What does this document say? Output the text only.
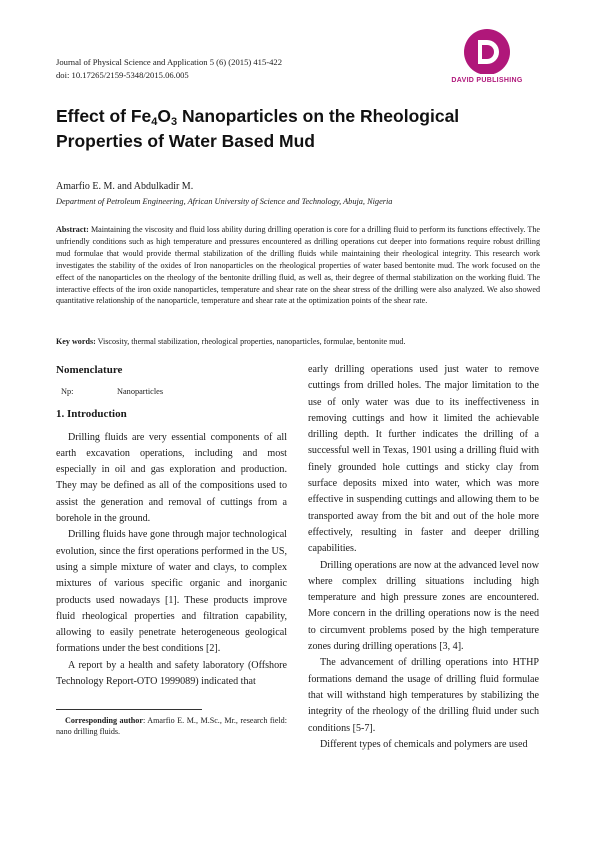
Journal of Physical Science and Application 5 (6) (2015) 415-422
doi: 10.17265/2159-5348/2015.06.005
DAVID PUBLISHING
Effect of $Fe_4O_3$ Nanoparticles on the Rheological Properties of Water Based Mud
Amarfio E. M. and Abdulkadir M.
Department of Petroleum Engineering, African University of Science and Technology, Abuja, Nigeria
Abstract: Maintaining the viscosity and fluid loss ability during drilling operation is core for a drilling fluid to perform its functions effectively. The unfriendly conditions such as high temperature and pressures encountered as drilling operations cut deeper into formations require robust drilling mud formulae that would provide thermal stabilization of the drilling fluids while maintaining their rheological integrity. This research work investigates the stability of the oxides of Iron nanoparticles on the rheological properties of water based bentonite mud. The work focused on the effect of the nanoparticles on the rheology of the bentonite drilling fluid, as well as, their degree of thermal stabilization on the working fluid. The interactive effects of the iron oxide nanoparticles, temperature and shear rate on the shear stress of the drilling were also analyzed. We also showed quantitative relationship of the nanoparticle, temperature and shear rate at the optimization points of the shear rate.
Key words: Viscosity, thermal stabilization, rheological properties, nanoparticles, formulae, bentonite mud.

Nomenclature

Np:	Nanoparticles

1. Introduction

Drilling fluids are very essential components of all earth excavation operations, including and most especially in oil and gas exploration and production. They may be defined as all of the compositions used to assist the generation and removal of cuttings from a borehole in the ground.

Drilling fluids have gone through major technological evolution, since the first operations performed in the US, using a simple mixture of water and clays, to complex mixtures of various specific organic and inorganic products used nowadays [1]. These products improve fluid rheological properties and filtration capability, allowing to easily penetrate heterogeneous geological formations under the best conditions [2].

A report by a health and safety laboratory (Offshore Technology Report-OTO 1999089) indicated that

early drilling operations used just water to remove cuttings from drilled holes. The major limitation to the use of only water was due to its ineffectiveness in removing cuttings and how it limited the achievable drilling depth. It further indicates the drilling of a successful well in Texas, 1901 using a drilling fluid with finely grounded hole cuttings and sticky clay from surface deposits mixed into water, which was more effective in suspending cuttings and allowing them to be transported away from the bit and out of the hole more effectively, resulting in faster and deeper drilling capabilities.

Drilling operations are now at the advanced level now where complex drilling situations including high temperature and high pressure zones are encountered. More concern in the drilling operations now is the need to circumvent problems posed by the high temperature zones during drilling operations [3, 4].

The advancement of drilling operations into HTHP formations demand the usage of drilling fluid formulae that will withstand high temperatures by stabilizing the integrity of the rheology of the drilling fluid under such conditions [5-7].

Different types of chemicals and polymers are used

Corresponding author: Amarfio E. M., M.Sc., Mr., research field: nano drilling fluids.
